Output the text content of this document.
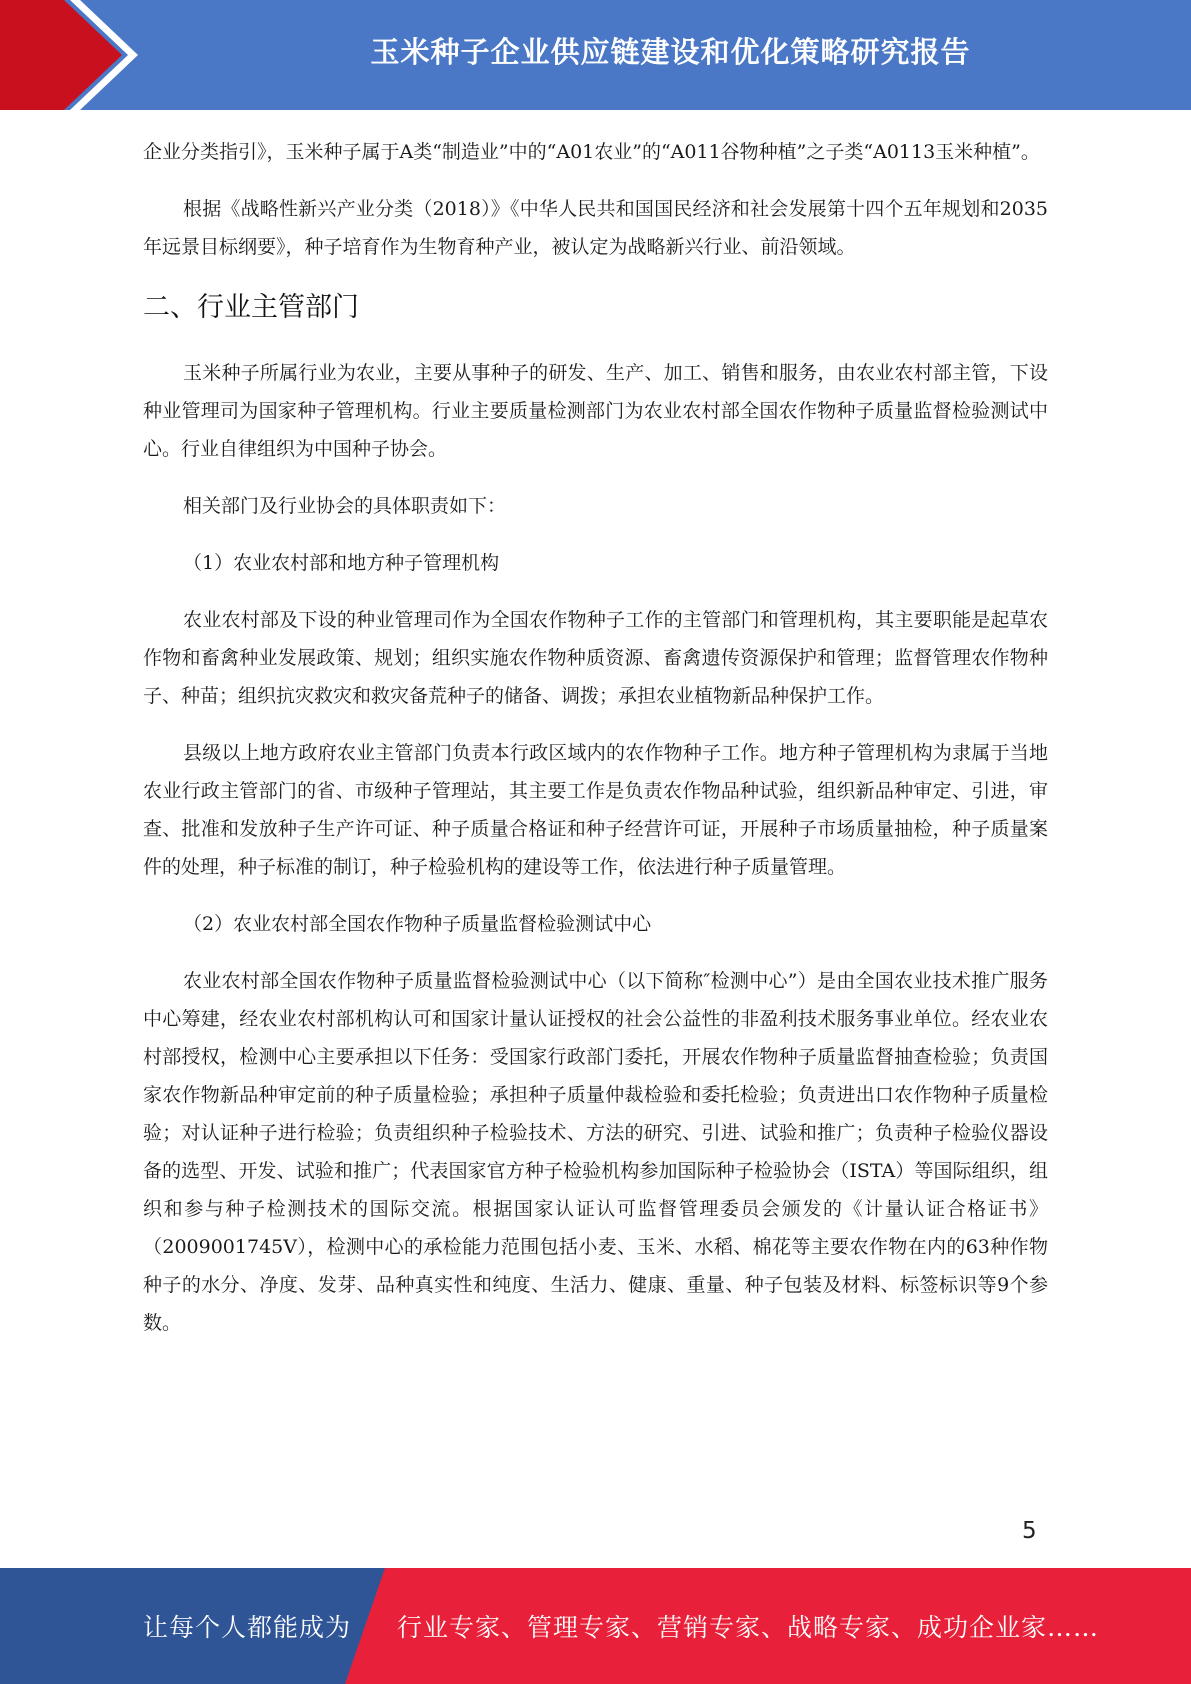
玉米种子企业供应链建设和优化策略研究报告

企业分类指引》，玉米种子属于A类“制造业”中的“A01农业”的“A011谷物种植”之子类“A0113玉米种植”。

根据《战略性新兴产业分类（2018）》《中华人民共和国国民经济和社会发展第十四个五年规划和2035年远景目标纲要》，种子培育作为生物育种产业，被认定为战略新兴行业、前沿领域。

二、行业主管部门

玉米种子所属行业为农业，主要从事种子的研发、生产、加工、销售和服务，由农业农村部主管，下设种业管理司为国家种子管理机构。行业主要质量检测部门为农业农村部全国农作物种子质量监督检验测试中心。行业自律组织为中国种子协会。

相关部门及行业协会的具体职责如下：

（1）农业农村部和地方种子管理机构

农业农村部及下设的种业管理司作为全国农作物种子工作的主管部门和管理机构，其主要职能是起草农作物和畜禽种业发展政策、规划；组织实施农作物种质资源、畜禽遗传资源保护和管理；监督管理农作物种子、种苗；组织抗灾救灾和救灾备荒种子的储备、调拨；承担农业植物新品种保护工作。

县级以上地方政府农业主管部门负责本行政区域内的农作物种子工作。地方种子管理机构为隶属于当地农业行政主管部门的省、市级种子管理站，其主要工作是负责农作物品种试验，组织新品种审定、引进，审查、批准和发放种子生产许可证、种子质量合格证和种子经营许可证，开展种子市场质量抽检，种子质量案件的处理，种子标准的制订，种子检验机构的建设等工作，依法进行种子质量管理。

（2）农业农村部全国农作物种子质量监督检验测试中心

农业农村部全国农作物种子质量监督检验测试中心（以下简称″检测中心”）是由全国农业技术推广服务中心筹建，经农业农村部机构认可和国家计量认证授权的社会公益性的非盈利技术服务事业单位。经农业农村部授权，检测中心主要承担以下任务：受国家行政部门委托，开展农作物种子质量监督抽查检验；负责国家农作物新品种审定前的种子质量检验；承担种子质量仲裁检验和委托检验；负责进出口农作物种子质量检验；对认证种子进行检验；负责组织种子检验技术、方法的研究、引进、试验和推广；负责种子检验仪器设备的选型、开发、试验和推广；代表国家官方种子检验机构参加国际种子检验协会（ISTA）等国际组织，组织和参与种子检测技术的国际交流。根据国家认证认可监督管理委员会颁发的《计量认证合格证书》（2009001745V），检测中心的承检能力范围包括小麦、玉米、水稻、棉花等主要农作物在内的63种作物种子的水分、净度、发芽、品种真实性和纯度、生活力、健康、重量、种子包装及材料、标签标识等9个参数。

5
让每个人都能成为 行业专家、管理专家、营销专家、战略专家、成功企业家……
